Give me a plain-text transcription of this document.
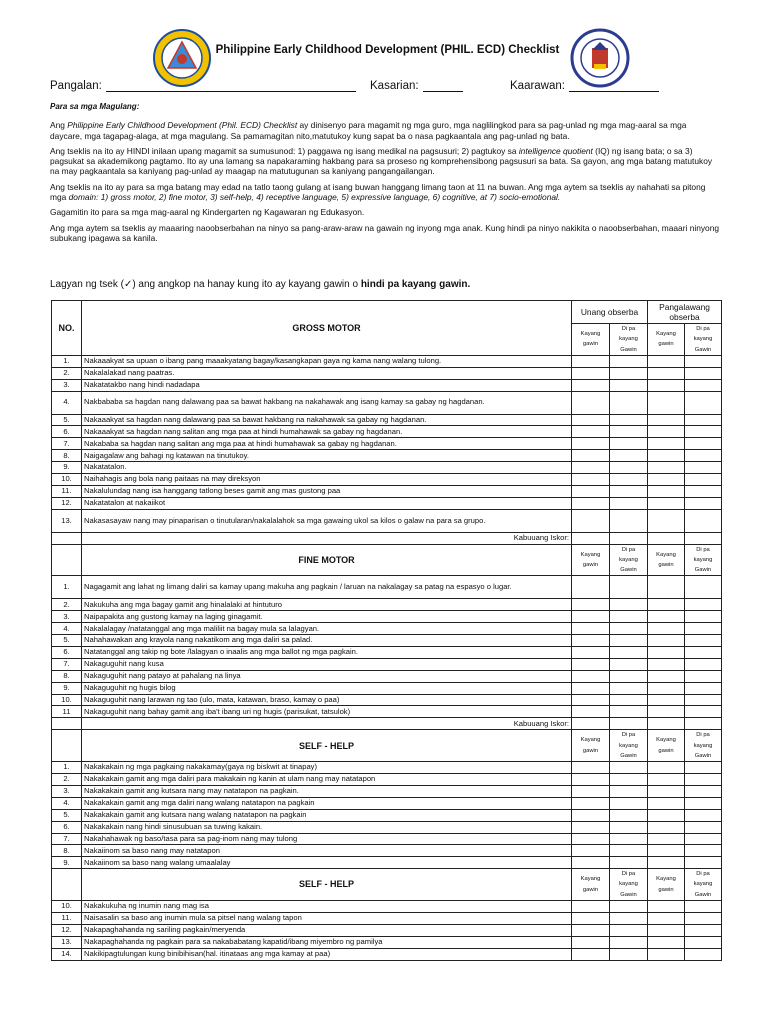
Philippine Early Childhood Development (PHIL. ECD) Checklist
Pangalan:	Kasarian:	Kaarawan:

Para sa mga Magulang:

Ang Philippine Early Childhood Development (Phil. ECD) Checklist ay dinisenyo para magamit ng mga guro, mga naglilingkod para sa pag-unlad ng mga mag-aaral sa mga daycare, mga tagapag-alaga, at mga magulang. Sa pamamagitan nito,matutukoy kung sapat ba o nasa pagkaantala ang pag-unlad ng bata.

Ang tseklis na ito ay HINDI inilaan upang magamit sa sumusunod: 1) paggawa ng isang medikal na pagsusuri; 2) pagtukoy sa intelligence quotient (IQ) ng isang bata; o sa 3) pagsukat sa akademikong pagtamo. Ito ay una lamang sa napakaraming hakbang para sa proseso ng komprehensibong pagsusuri sa bata. Sa gayon, ang mga batang matutukoy na may pagkaantala sa kaniyang pag-unlad ay maagap na matutugunan sa kaniyang pangangailangan.

Ang tseklis na ito ay para sa mga batang may edad na tatlo taong gulang at isang buwan hanggang limang taon at 11 na buwan. Ang mga aytem sa tseklis ay nahahati sa pitong mga domain: 1) gross motor, 2) fine motor, 3) self-help, 4) receptive language, 5) expressive language, 6) cognitive, at 7) socio-emotional.

Gagamitin ito para sa mga mag-aaral ng Kindergarten ng Kagawaran ng Edukasyon.

Ang mga aytem sa tseklis ay maaaring naoobserbahan na ninyo sa pang-araw-araw na gawain ng inyong mga anak. Kung hindi pa ninyo nakikita o naoobserbahan, maaari ninyong subukang ipagawa sa kanila.

Lagyan ng tsek (✓) ang angkop na hanay kung ito ay kayang gawin o hindi pa kayang gawin.
NO.	GROSS MOTOR	Unang obserba		Pangalawang obserba	
		Kayang gawin	Di pa kayang Gawin	Kayang gawin	Di pa kayang Gawin
1.	Nakaaakyat sa upuan o ibang pang maaakyatang bagay/kasangkapan gaya ng kama nang walang tulong.				
2.	Nakalalakad nang paatras.				
3.	Nakatatakbo nang hindi nadadapa				
4.	Nakbababa sa hagdan nang dalawang paa sa bawat hakbang na nakahawak ang isang kamay sa gabay ng hagdanan.				
5.	Nakaaakyat sa hagdan nang dalawang paa sa bawat hakbang na nakahawak sa gabay ng hagdanan.				
6.	Nakaaakyat sa hagdan nang salitan ang mga paa at hindi humahawak sa gabay ng hagdanan.				
7.	Nakababa sa hagdan nang salitan ang mga paa at hindi humahawak sa gabay ng hagdanan.				
8.	Naigagalaw ang bahagi ng katawan na tinutukoy.				
9.	Nakatatalon.				
10.	Naihahagis ang bola nang paitaas na may direksyon				
11.	Nakalulundag nang isa hanggang tatlong beses gamit ang mas gustong paa				
12.	Nakatatalon at nakaiikot				
13.	Nakasasayaw nang may pinaparisan o tinutularan/nakalalahok sa mga gawaing ukol sa kilos o galaw na para sa grupo.				
	Kabuuang Iskor:				
	FINE MOTOR	Kayang gawin	Di pa kayang Gawin	Kayang gawin	Di pa kayang Gawin
1.	Nagagamit ang lahat ng limang daliri sa kamay upang makuha ang pagkain / laruan na nakalagay sa patag na espasyo o lugar.				
2.	Nakukuha ang mga bagay gamit ang hinalalaki at hintuturo				
3.	Naipapakita ang gustong kamay na laging ginagamit.				
4.	Nakalalagay /natatanggal ang mga maliliit na bagay mula sa lalagyan.				
5.	Nahahawakan ang krayola nang nakatikom ang mga daliri sa palad.				
6.	Natatanggal ang takip ng bote /lalagyan o inaalis ang mga ballot ng mga pagkain.				
7.	Nakaguguhit nang kusa				
8.	Nakaguguhit nang patayo at pahalang na linya				
9.	Nakaguguhit ng hugis bilog				
10.	Nakaguguhit nang larawan ng tao (ulo, mata, katawan, braso, kamay o paa)				
11	Nakaguguhit nang bahay gamit ang iba't ibang uri ng hugis (parisukat, tatsulok)				
	Kabuuang Iskor:				
	SELF - HELP	Kayang gawin	Di pa kayang Gawin	Kayang gawin	Di pa kayang Gawin
1.	Nakakakain ng mga pagkaing nakakamay(gaya ng biskwit at tinapay)				
2.	Nakakakain gamit ang mga daliri para makakain ng kanin at ulam nang may natatapon				
3.	Nakakakain gamit ang kutsara nang may natatapon na pagkain.				
4.	Nakakakain gamit ang mga daliri nang walang natatapon na pagkain				
5.	Nakakakain gamit ang kutsara nang walang natatapon na pagkain				
6.	Nakakakain nang hindi sinusubuan sa tuwing kakain.				
7.	Nakahahawak ng baso/tasa para sa pag-inom nang may tulong				
8.	Nakaiinom sa baso nang may natatapon				
9.	Nakaiinom sa baso nang walang umaalalay				
	SELF - HELP	Kayang gawin	Di pa kayang Gawin	Kayang gawin	Di pa kayang Gawin
10.	Nakakukuha ng inumin nang mag isa				
11.	Naisasalin sa baso ang inumin mula sa pitsel nang walang tapon				
12.	Nakapaghahanda ng sariling pagkain/meryenda				
13.	Nakapaghahanda ng pagkain para sa nakababatang kapatid/ibang miyembro ng pamilya				
14.	Nakikipagtulungan kung binibihisan(hal. itinataas ang mga kamay at paa)				
